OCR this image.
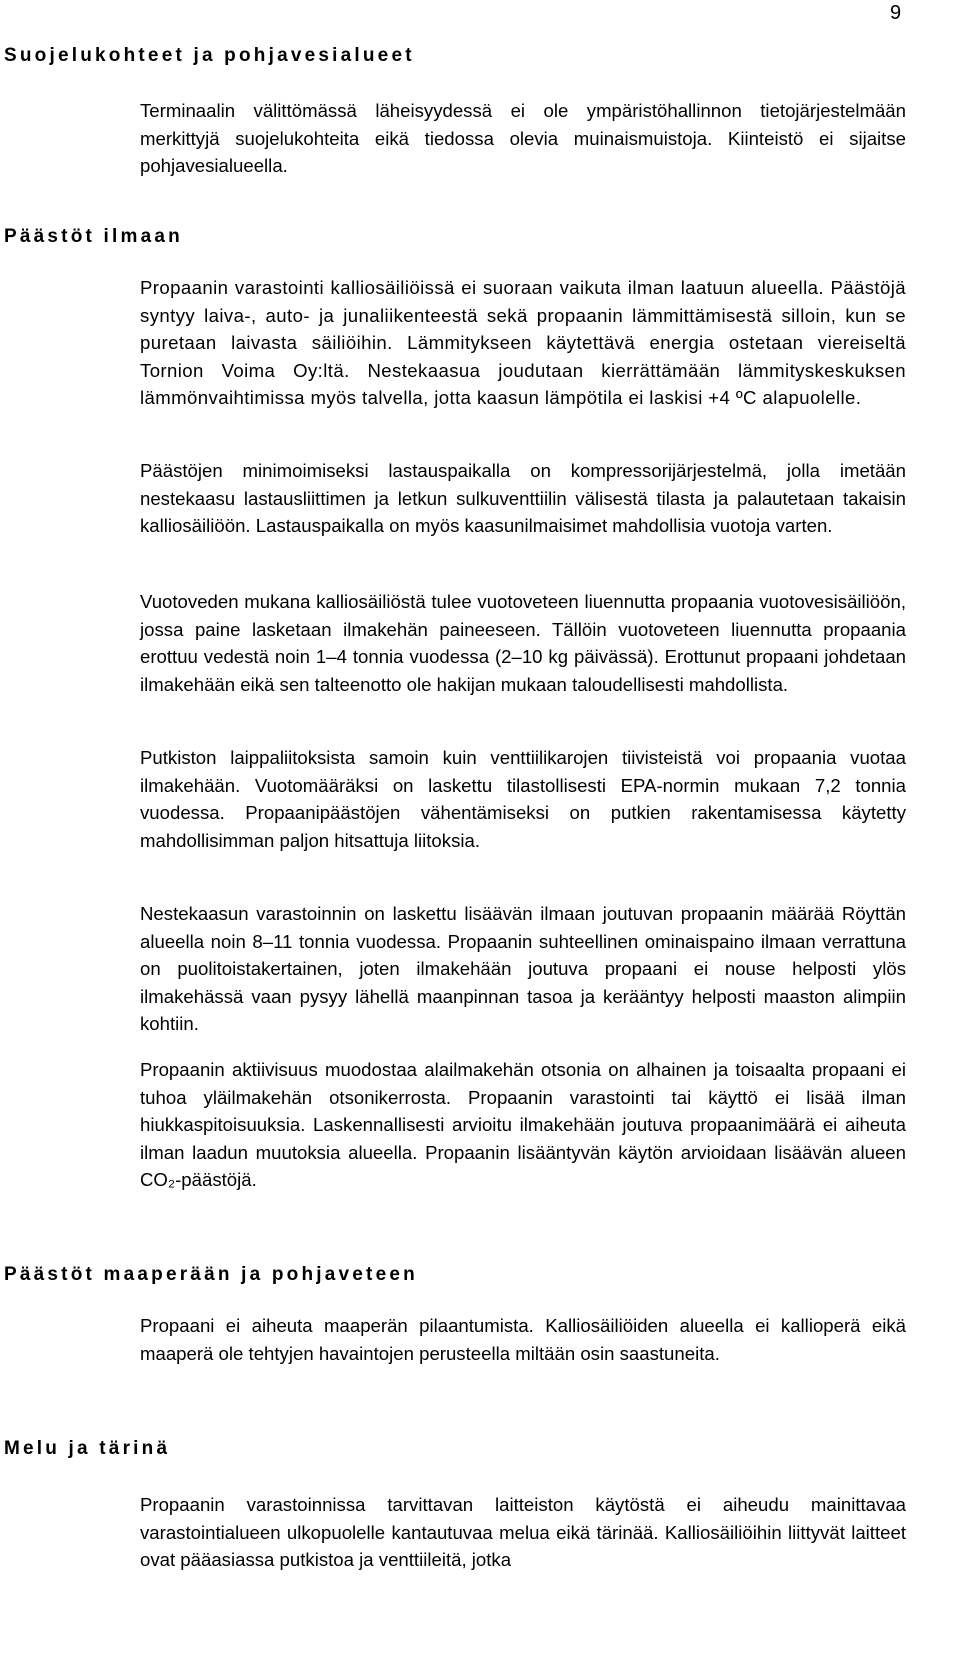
9
Suojelukohteet ja pohjavesialueet

Terminaalin välittömässä läheisyydessä ei ole ympäristöhallinnon tietojärjestelmään merkittyjä suojelukohteita eikä tiedossa olevia muinaismuistoja. Kiinteistö ei sijaitse pohjavesialueella.

Päästöt ilmaan

Propaanin varastointi kalliosäiliöissä ei suoraan vaikuta ilman laatuun alueella. Päästöjä syntyy laiva-, auto- ja junaliikenteestä sekä propaanin lämmittämisestä silloin, kun se puretaan laivasta säiliöihin. Lämmitykseen käytettävä energia ostetaan viereiseltä Tornion Voima Oy:ltä. Nestekaasua joudutaan kierrättämään lämmityskeskuksen lämmönvaihtimissa myös talvella, jotta kaasun lämpötila ei laskisi +4 ºC alapuolelle.

Päästöjen minimoimiseksi lastauspaikalla on kompressorijärjestelmä, jolla imetään nestekaasu lastausliittimen ja letkun sulkuventtiilin välisestä tilasta ja palautetaan takaisin kalliosäiliöön. Lastauspaikalla on myös kaasunilmaisimet mahdollisia vuotoja varten.

Vuotoveden mukana kalliosäiliöstä tulee vuotoveteen liuennutta propaania vuotovesisäiliöön, jossa paine lasketaan ilmakehän paineeseen. Tällöin vuotoveteen liuennutta propaania erottuu vedestä noin 1–4 tonnia vuodessa (2–10 kg päivässä). Erottunut propaani johdetaan ilmakehään eikä sen talteenotto ole hakijan mukaan taloudellisesti mahdollista.

Putkiston laippaliitoksista samoin kuin venttiilikarojen tiivisteistä voi propaania vuotaa ilmakehään. Vuotomääräksi on laskettu tilastollisesti EPA-normin mukaan 7,2 tonnia vuodessa. Propaanipäästöjen vähentämiseksi on putkien rakentamisessa käytetty mahdollisimman paljon hitsattuja liitoksia.

Nestekaasun varastoinnin on laskettu lisäävän ilmaan joutuvan propaanin määrää Röyttän alueella noin 8–11 tonnia vuodessa. Propaanin suhteellinen ominaispaino ilmaan verrattuna on puolitoistakertainen, joten ilmakehään joutuva propaani ei nouse helposti ylös ilmakehässä vaan pysyy lähellä maanpinnan tasoa ja kerääntyy helposti maaston alimpiin kohtiin.

Propaanin aktiivisuus muodostaa alailmakehän otsonia on alhainen ja toisaalta propaani ei tuhoa yläilmakehän otsonikerrosta. Propaanin varastointi tai käyttö ei lisää ilman hiukkaspitoisuuksia. Laskennallisesti arvioitu ilmakehään joutuva propaanimäärä ei aiheuta ilman laadun muutoksia alueella. Propaanin lisääntyvän käytön arvioidaan lisäävän alueen CO₂-päästöjä.

Päästöt maaperään ja pohjaveteen

Propaani ei aiheuta maaperän pilaantumista. Kalliosäiliöiden alueella ei kallioperä eikä maaperä ole tehtyjen havaintojen perusteella miltään osin saastuneita.

Melu ja tärinä

Propaanin varastoinnissa tarvittavan laitteiston käytöstä ei aiheudu mainittavaa varastointialueen ulkopuolelle kantautuvaa melua eikä tärinää. Kalliosäiliöihin liittyvät laitteet ovat pääasiassa putkistoa ja venttiileitä, jotka
